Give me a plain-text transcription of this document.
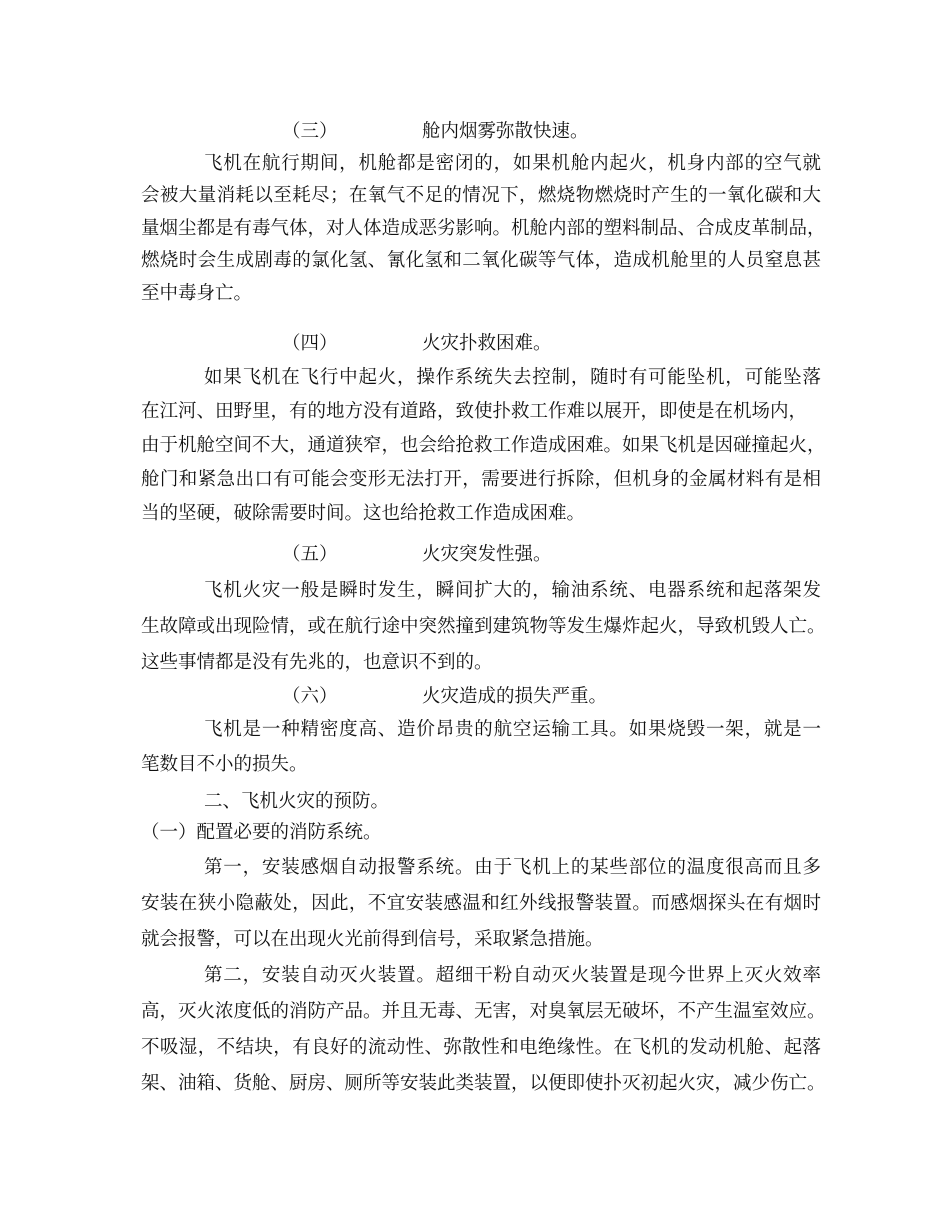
（三）	舱内烟雾弥散快速。
飞机在航行期间，机舱都是密闭的，如果机舱内起火，机身内部的空气就
会被大量消耗以至耗尽；在氧气不足的情况下，燃烧物燃烧时产生的一氧化碳和大
量烟尘都是有毒气体，对人体造成恶劣影响。机舱内部的塑料制品、合成皮革制品，
燃烧时会生成剧毒的氯化氢、氰化氢和二氧化碳等气体，造成机舱里的人员窒息甚
至中毒身亡。
（四）	火灾扑救困难。
如果飞机在飞行中起火，操作系统失去控制，随时有可能坠机，可能坠落
在江河、田野里，有的地方没有道路，致使扑救工作难以展开，即使是在机场内，
由于机舱空间不大，通道狭窄，也会给抢救工作造成困难。如果飞机是因碰撞起火，
舱门和紧急出口有可能会变形无法打开，需要进行拆除，但机身的金属材料有是相
当的坚硬，破除需要时间。这也给抢救工作造成困难。
（五）	火灾突发性强。
飞机火灾一般是瞬时发生，瞬间扩大的，输油系统、电器系统和起落架发
生故障或出现险情，或在航行途中突然撞到建筑物等发生爆炸起火，导致机毁人亡。
这些事情都是没有先兆的，也意识不到的。
（六）	火灾造成的损失严重。
飞机是一种精密度高、造价昂贵的航空运输工具。如果烧毁一架，就是一
笔数目不小的损失。
二、飞机火灾的预防。
（一）配置必要的消防系统。
第一，安装感烟自动报警系统。由于飞机上的某些部位的温度很高而且多
安装在狭小隐蔽处，因此，不宜安装感温和红外线报警装置。而感烟探头在有烟时
就会报警，可以在出现火光前得到信号，采取紧急措施。
第二，安装自动灭火装置。超细干粉自动灭火装置是现今世界上灭火效率
高，灭火浓度低的消防产品。并且无毒、无害，对臭氧层无破坏，不产生温室效应。
不吸湿，不结块，有良好的流动性、弥散性和电绝缘性。在飞机的发动机舱、起落
架、油箱、货舱、厨房、厕所等安装此类装置，以便即使扑灭初起火灾，减少伤亡。
